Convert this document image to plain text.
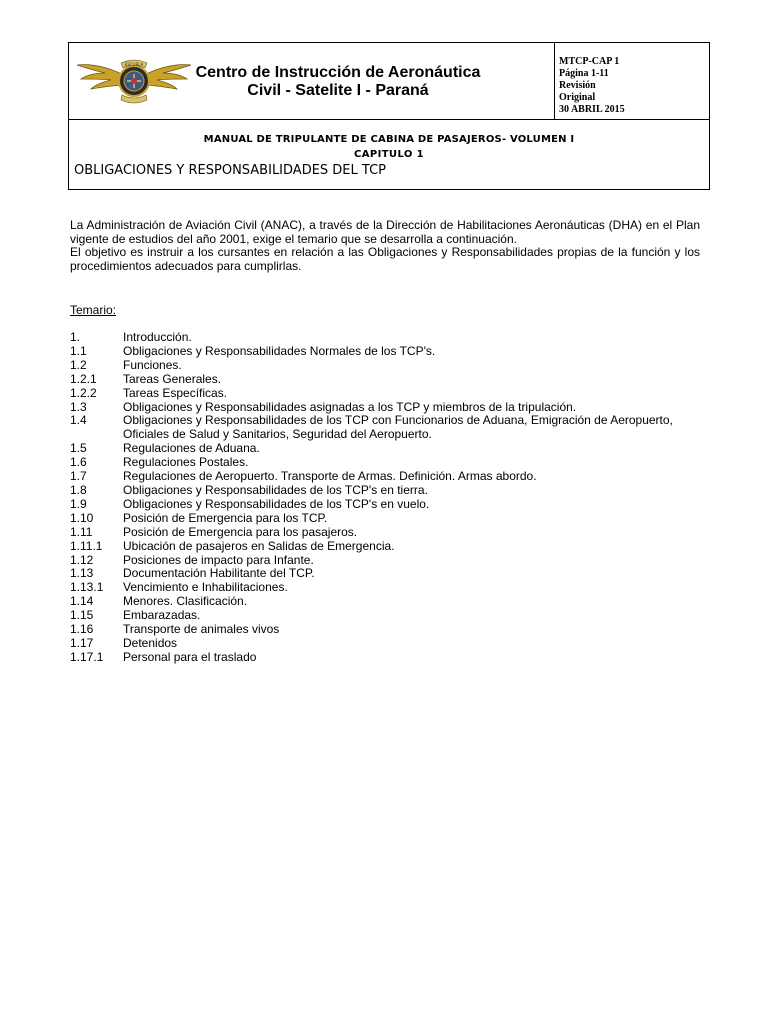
ESCUELA	Centro de Instrucción de Aeronáutica
Civil - Satelite I - Paraná
MTCP-CAP 1
Página 1-11
Revisión
Original
30 ABRIL 2015
MANUAL DE TRIPULANTE DE CABINA DE PASAJEROS- VOLUMEN I
CAPITULO 1
OBLIGACIONES Y RESPONSABILIDADES DEL TCP

La Administración de Aviación Civil (ANAC), a través de la Dirección de Habilitaciones Aeronáuticas (DHA) en el Plan vigente de estudios del año 2001, exige el temario que se desarrolla a continuación.

El objetivo es instruir a los cursantes en relación a las Obligaciones y Responsabilidades propias de la función y los procedimientos adecuados para cumplirlas.

Temario:
1.	Introducción.
1.1	Obligaciones y Responsabilidades Normales de los TCP's.
1.2	Funciones.
1.2.1	Tareas Generales.
1.2.2	Tareas Específicas.
1.3	Obligaciones y Responsabilidades asignadas a los TCP y miembros de la tripulación.
1.4	Obligaciones y Responsabilidades de los TCP con Funcionarios de Aduana, Emigración de Aeropuerto, Oficiales de Salud y Sanitarios, Seguridad del Aeropuerto.
1.5	Regulaciones de Aduana.
1.6	Regulaciones Postales.
1.7	Regulaciones de Aeropuerto. Transporte de Armas. Definición. Armas abordo.
1.8	Obligaciones y Responsabilidades de los TCP's en tierra.
1.9	Obligaciones y Responsabilidades de los TCP's en vuelo.
1.10	Posición de Emergencia para los TCP.
1.11	Posición de Emergencia para los pasajeros.
1.11.1	Ubicación de pasajeros en Salidas de Emergencia.
1.12	Posiciones de impacto para Infante.
1.13	Documentación Habilitante del TCP.
1.13.1	Vencimiento e Inhabilitaciones.
1.14	Menores. Clasificación.
1.15	Embarazadas.
1.16	Transporte de animales vivos
1.17	Detenidos
1.17.1	Personal para el traslado
